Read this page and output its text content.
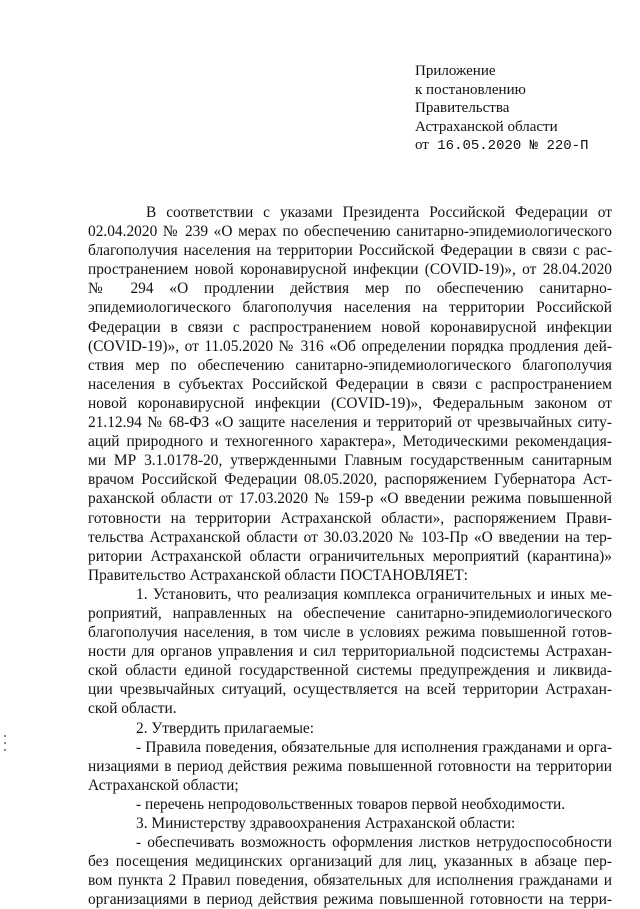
Приложение
к постановлению
Правительства
Астраханской области
от 16.05.2020 № 220-П
В соответствии с указами Президента Российской Федерации от
02.04.2020 № 239 «О мерах по обеспечению санитарно-эпидемиологического
благополучия населения на территории Российской Федерации в связи с рас-
пространением новой коронавирусной инфекции (COVID-19)», от 28.04.2020
№ 294 «О продлении действия мер по обеспечению санитарно-
эпидемиологического благополучия населения на территории Российской
Федерации в связи с распространением новой коронавирусной инфекции
(COVID-19)», от 11.05.2020 № 316 «Об определении порядка продления дей-
ствия мер по обеспечению санитарно-эпидемиологического благополучия
населения в субъектах Российской Федерации в связи с распространением
новой коронавирусной инфекции (COVID-19)», Федеральным законом от
21.12.94 № 68-ФЗ «О защите населения и территорий от чрезвычайных ситу-
аций природного и техногенного характера», Методическими рекомендация-
ми МР 3.1.0178-20, утвержденными Главным государственным санитарным
врачом Российской Федерации 08.05.2020, распоряжением Губернатора Аст-
раханской области от 17.03.2020 № 159-р «О введении режима повышенной
готовности на территории Астраханской области», распоряжением Прави-
тельства Астраханской области от 30.03.2020 № 103-Пр «О введении на тер-
ритории Астраханской области ограничительных мероприятий (карантина)»
Правительство Астраханской области ПОСТАНОВЛЯЕТ:
1. Установить, что реализация комплекса ограничительных и иных ме-
роприятий, направленных на обеспечение санитарно-эпидемиологического
благополучия населения, в том числе в условиях режима повышенной готов-
ности для органов управления и сил территориальной подсистемы Астрахан-
ской области единой государственной системы предупреждения и ликвида-
ции чрезвычайных ситуаций, осуществляется на всей территории Астрахан-
ской области.
2. Утвердить прилагаемые:
- Правила поведения, обязательные для исполнения гражданами и орга-
низациями в период действия режима повышенной готовности на территории
Астраханской области;
- перечень непродовольственных товаров первой необходимости.
3. Министерству здравоохранения Астраханской области:
- обеспечивать возможность оформления листков нетрудоспособности
без посещения медицинских организаций для лиц, указанных в абзаце пер-
вом пункта 2 Правил поведения, обязательных для исполнения гражданами и
организациями в период действия режима повышенной готовности на терри-
